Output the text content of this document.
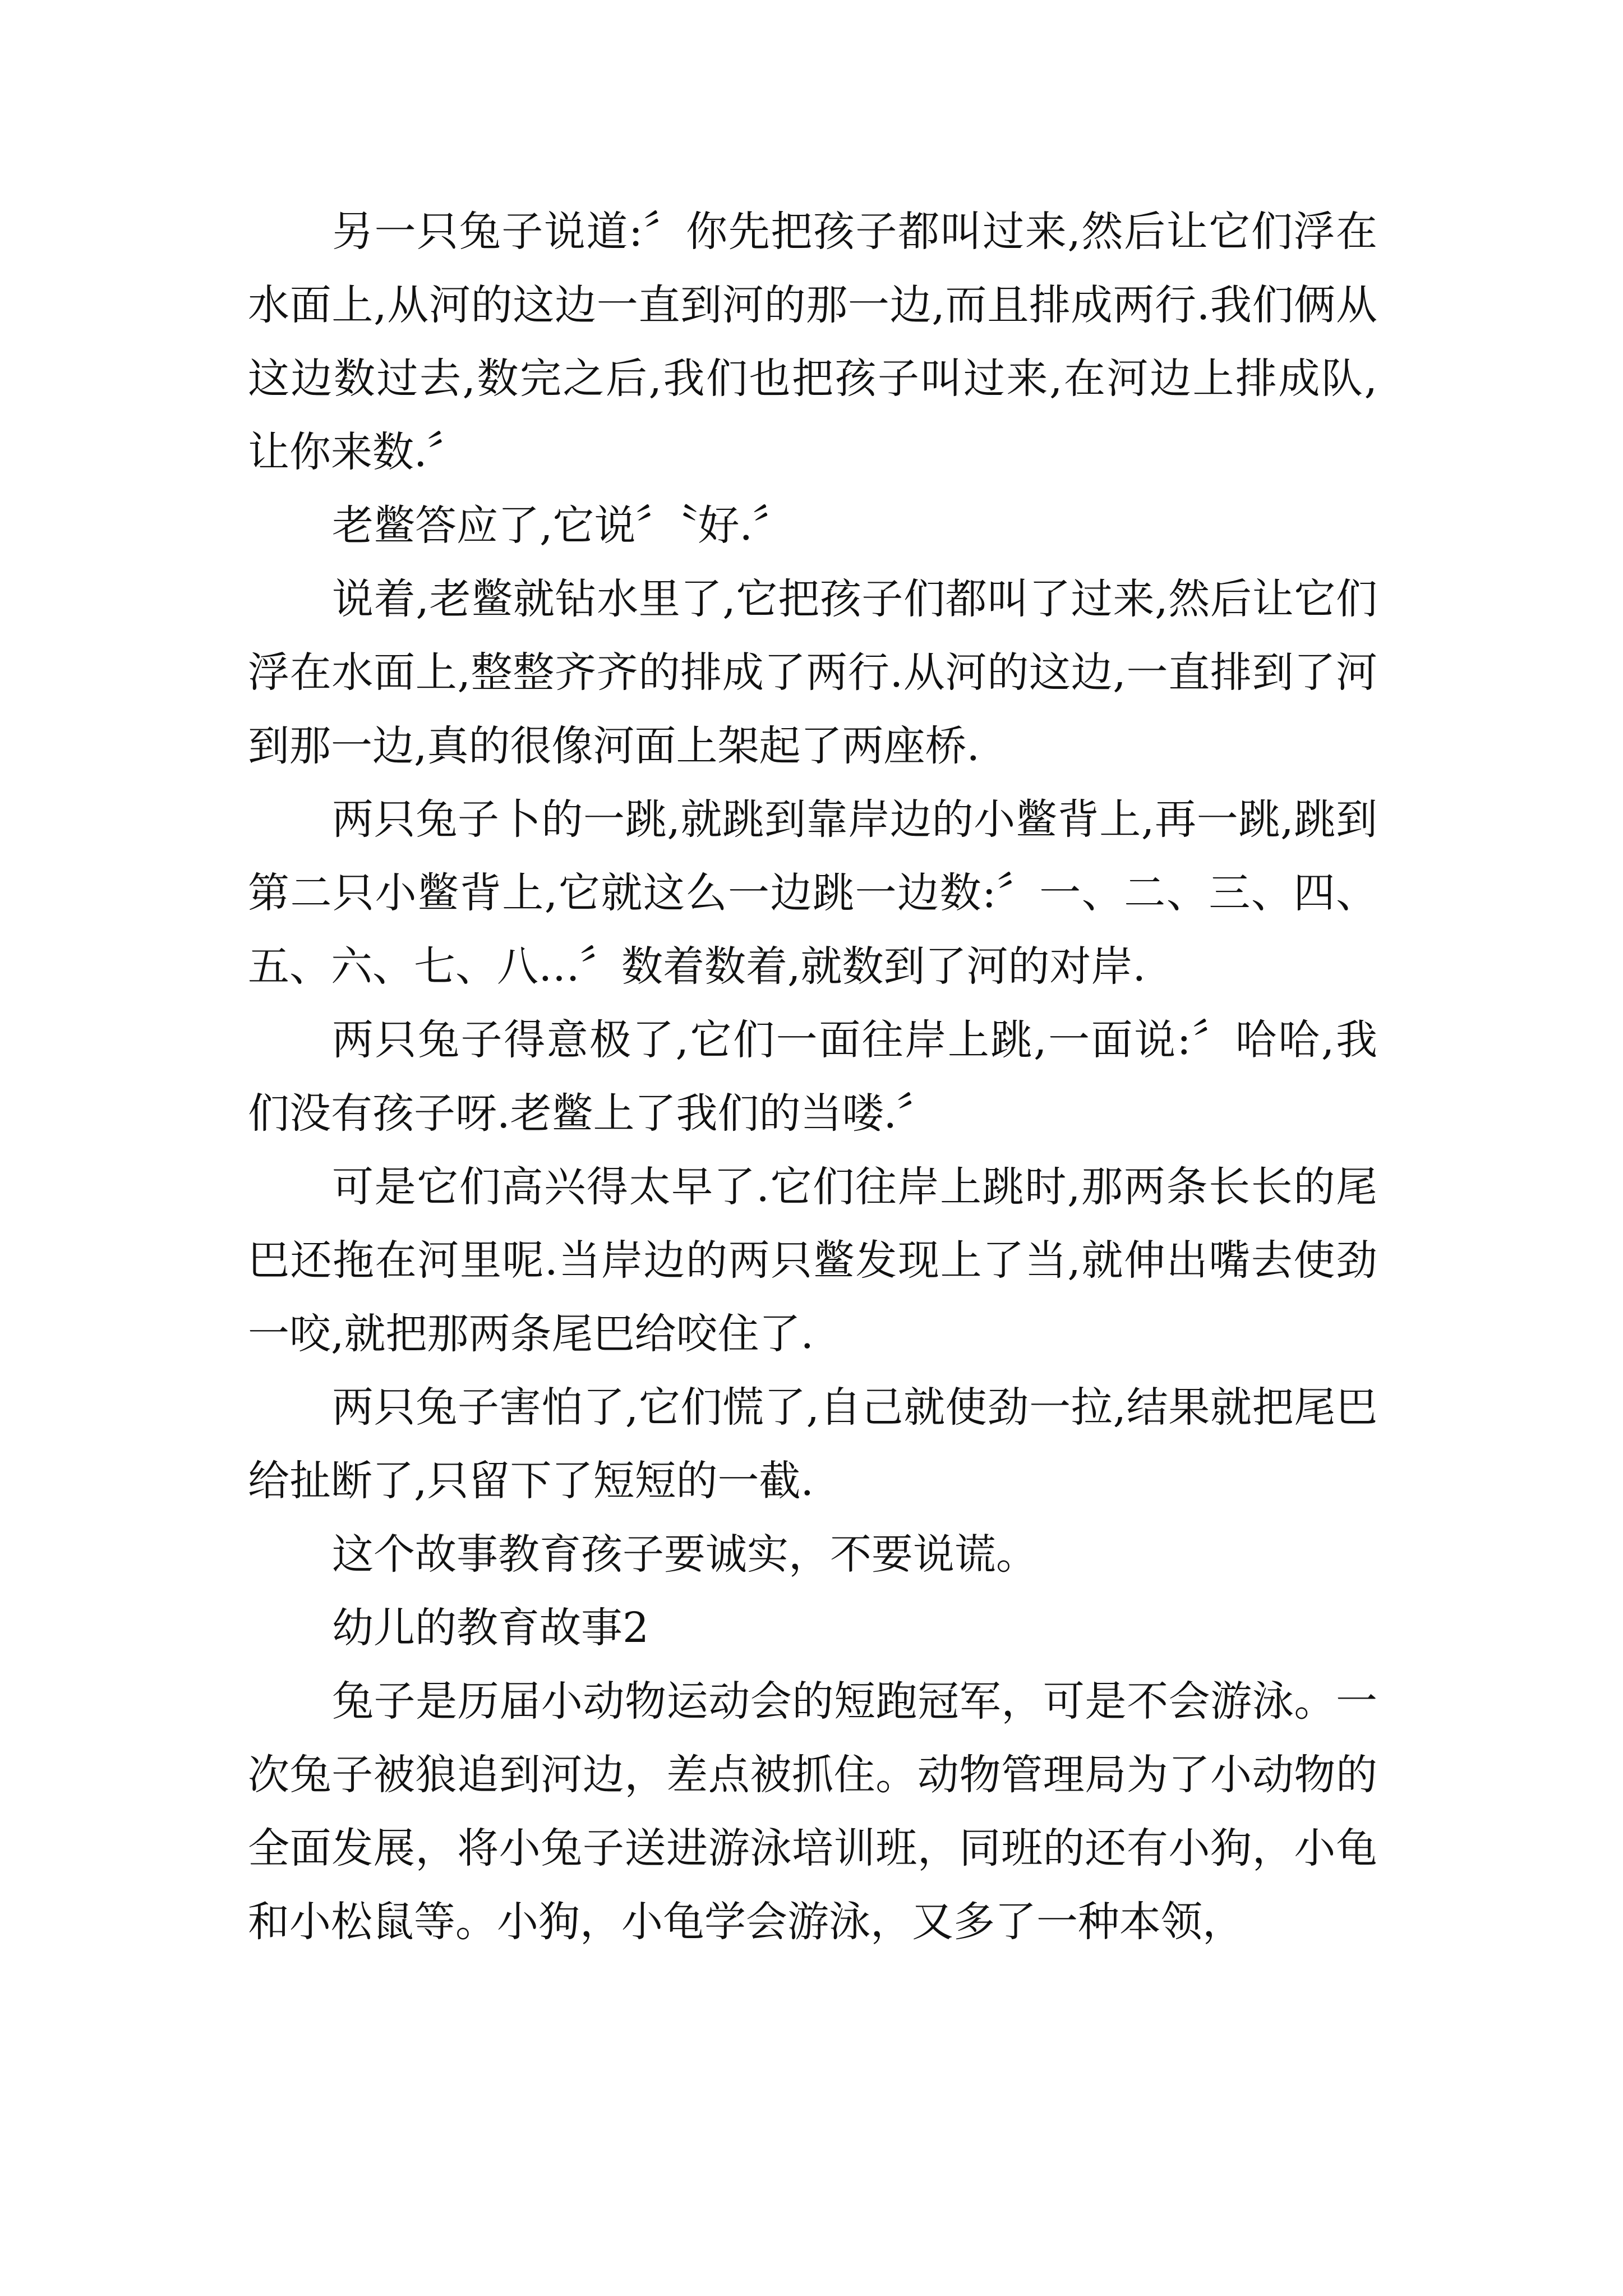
另一只兔子说道:〞你先把孩子都叫过来,然后让它们浮在水面上,从河的这边一直到河的那一边,而且排成两行.我们俩从这边数过去,数完之后,我们也把孩子叫过来,在河边上排成队,让你来数.〞

老鳖答应了,它说〞〝好.〞

说着,老鳖就钻水里了,它把孩子们都叫了过来,然后让它们浮在水面上,整整齐齐的排成了两行.从河的这边,一直排到了河到那一边,真的很像河面上架起了两座桥.

两只兔子卜的一跳,就跳到靠岸边的小鳖背上,再一跳,跳到第二只小鳖背上,它就这么一边跳一边数:〞一、二、三、四、五、六、七、八…〞数着数着,就数到了河的对岸.

两只兔子得意极了,它们一面往岸上跳,一面说:〞哈哈,我们没有孩子呀.老鳖上了我们的当喽.〞

可是它们高兴得太早了.它们往岸上跳时,那两条长长的尾巴还拖在河里呢.当岸边的两只鳖发现上了当,就伸出嘴去使劲一咬,就把那两条尾巴给咬住了.

两只兔子害怕了,它们慌了,自己就使劲一拉,结果就把尾巴给扯断了,只留下了短短的一截.

这个故事教育孩子要诚实，不要说谎。

幼儿的教育故事2

兔子是历届小动物运动会的短跑冠军，可是不会游泳。一次兔子被狼追到河边，差点被抓住。动物管理局为了小动物的全面发展，将小兔子送进游泳培训班，同班的还有小狗，小龟和小松鼠等。小狗，小龟学会游泳，又多了一种本领，
